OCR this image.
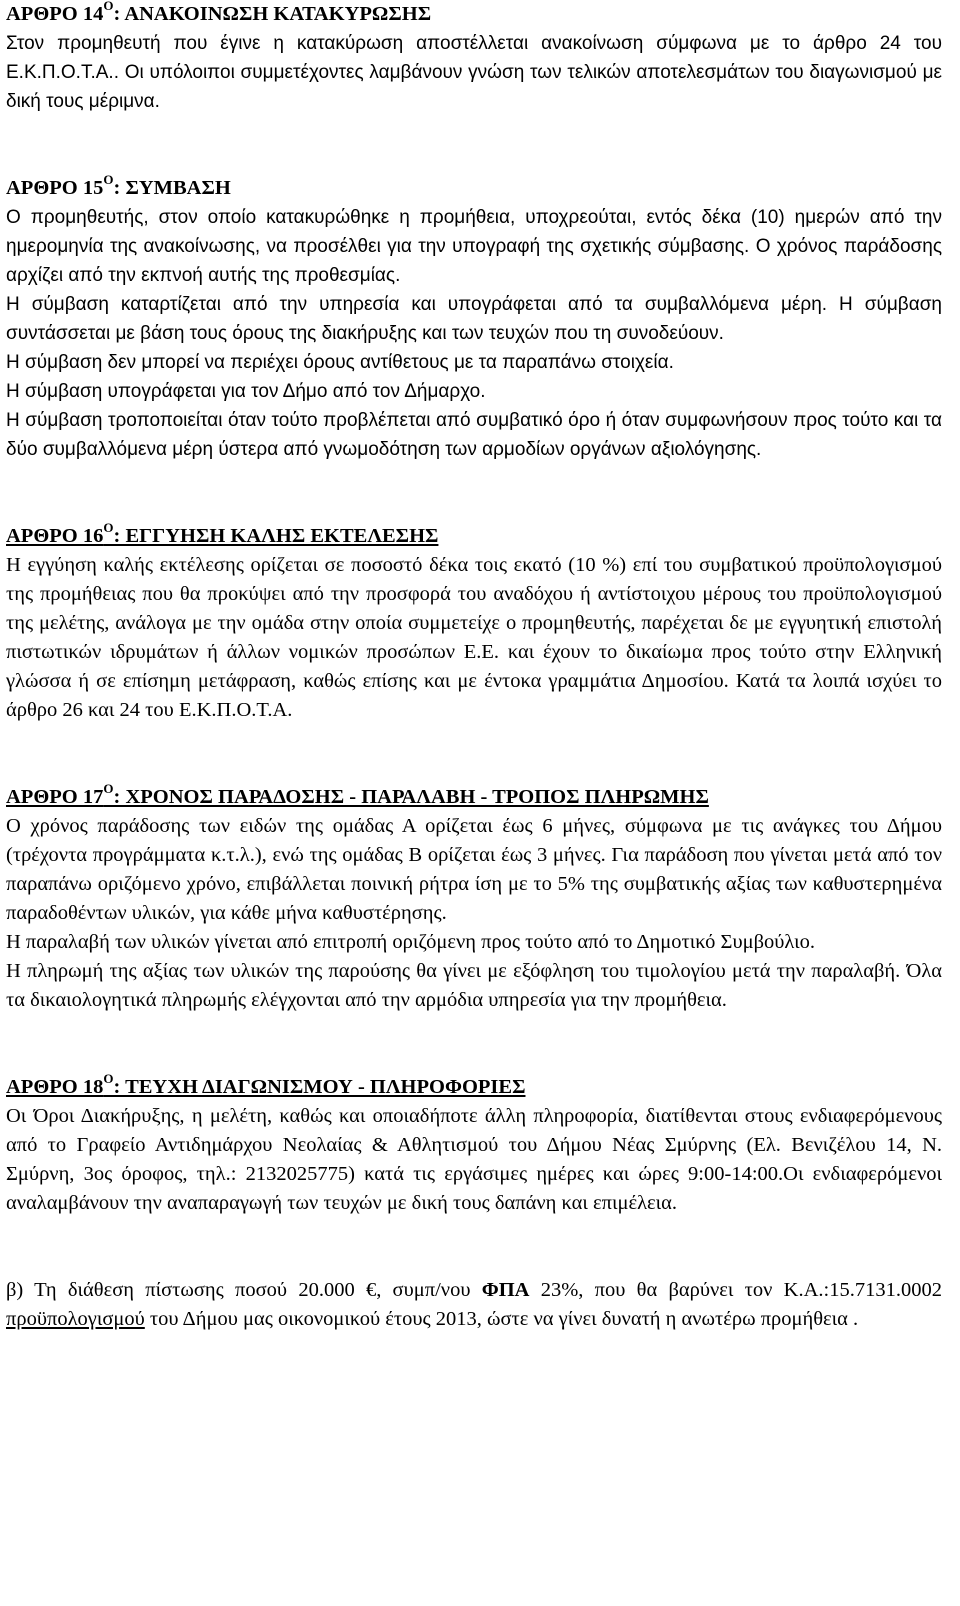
ΑΡΘΡΟ $14^O$: ΑΝΑΚΟΙΝΩΣΗ ΚΑΤΑΚΥΡΩΣΗΣ

Στον προμηθευτή που έγινε η κατακύρωση αποστέλλεται ανακοίνωση σύμφωνα με το άρθρο 24 του Ε.Κ.Π.Ο.Τ.Α.. Οι υπόλοιποι συμμετέχοντες λαμβάνουν γνώση των τελικών αποτελεσμάτων του διαγωνισμού με δική τους μέριμνα.

ΑΡΘΡΟ $15^O$: ΣΥΜΒΑΣΗ

Ο προμηθευτής, στον οποίο κατακυρώθηκε η προμήθεια, υποχρεούται, εντός δέκα (10) ημερών από την ημερομηνία της ανακοίνωσης, να προσέλθει για την υπογραφή της σχετικής σύμβασης. Ο χρόνος παράδοσης αρχίζει από την εκπνοή αυτής της προθεσμίας.

Η σύμβαση καταρτίζεται από την υπηρεσία και υπογράφεται από τα συμβαλλόμενα μέρη. Η σύμβαση συντάσσεται με βάση τους όρους της διακήρυξης και των τευχών που τη συνοδεύουν.

Η σύμβαση δεν μπορεί να περιέχει όρους αντίθετους με τα παραπάνω στοιχεία.

Η σύμβαση υπογράφεται για τον Δήμο από τον Δήμαρχο.

Η σύμβαση τροποποιείται όταν τούτο προβλέπεται από συμβατικό όρο ή όταν συμφωνήσουν προς τούτο και τα δύο συμβαλλόμενα μέρη ύστερα από γνωμοδότηση των αρμοδίων οργάνων αξιολόγησης.

ΑΡΘΡΟ $16^O$: ΕΓΓΥΗΣΗ ΚΑΛΗΣ ΕΚΤΕΛΕΣΗΣ

Η εγγύηση καλής εκτέλεσης ορίζεται σε ποσοστό δέκα τοις εκατό (10 %) επί του συμβατικού προϋπολογισμού της προμήθειας που θα προκύψει από την προσφορά του αναδόχου ή αντίστοιχου μέρους του προϋπολογισμού της μελέτης, ανάλογα με την ομάδα στην οποία συμμετείχε ο προμηθευτής, παρέχεται δε με εγγυητική επιστολή πιστωτικών ιδρυμάτων ή άλλων νομικών προσώπων Ε.Ε. και έχουν το δικαίωμα προς τούτο στην Ελληνική γλώσσα ή σε επίσημη μετάφραση, καθώς επίσης και με έντοκα γραμμάτια Δημοσίου. Κατά τα λοιπά ισχύει το άρθρο 26 και 24 του Ε.Κ.Π.Ο.Τ.Α.

ΑΡΘΡΟ $17^O$: ΧΡΟΝΟΣ ΠΑΡΑΔΟΣΗΣ - ΠΑΡΑΛΑΒΗ - ΤΡΟΠΟΣ ΠΛΗΡΩΜΗΣ

Ο χρόνος παράδοσης των ειδών της ομάδας Α ορίζεται έως 6 μήνες, σύμφωνα με τις ανάγκες του Δήμου (τρέχοντα προγράμματα κ.τ.λ.), ενώ της ομάδας Β ορίζεται έως 3 μήνες. Για παράδοση που γίνεται μετά από τον παραπάνω οριζόμενο χρόνο, επιβάλλεται ποινική ρήτρα ίση με το 5% της συμβατικής αξίας των καθυστερημένα παραδοθέντων υλικών, για κάθε μήνα καθυστέρησης.

Η παραλαβή των υλικών γίνεται από επιτροπή οριζόμενη προς τούτο από το Δημοτικό Συμβούλιο.

Η πληρωμή της αξίας των υλικών της παρούσης θα γίνει με εξόφληση του τιμολογίου μετά την παραλαβή. Όλα τα δικαιολογητικά πληρωμής ελέγχονται από την αρμόδια υπηρεσία για την προμήθεια.

ΑΡΘΡΟ $18^O$: ΤΕΥΧΗ ΔΙΑΓΩΝΙΣΜΟΥ - ΠΛΗΡΟΦΟΡΙΕΣ

Οι Όροι Διακήρυξης, η μελέτη, καθώς και οποιαδήποτε άλλη πληροφορία, διατίθενται στους ενδιαφερόμενους από το Γραφείο Αντιδημάρχου Νεολαίας & Αθλητισμού του Δήμου Νέας Σμύρνης (Ελ. Βενιζέλου 14, Ν. Σμύρνη, 3ος όροφος, τηλ.: 2132025775) κατά τις εργάσιμες ημέρες και ώρες 9:00-14:00.Οι ενδιαφερόμενοι αναλαμβάνουν την αναπαραγωγή των τευχών με δική τους δαπάνη και επιμέλεια.

β) Τη διάθεση πίστωσης ποσού 20.000 €, συμπ/νου ΦΠΑ 23%, που θα βαρύνει τον Κ.Α.:15.7131.0002 προϋπολογισμού του Δήμου μας οικονομικού έτους 2013, ώστε να γίνει δυνατή η ανωτέρω προμήθεια .
